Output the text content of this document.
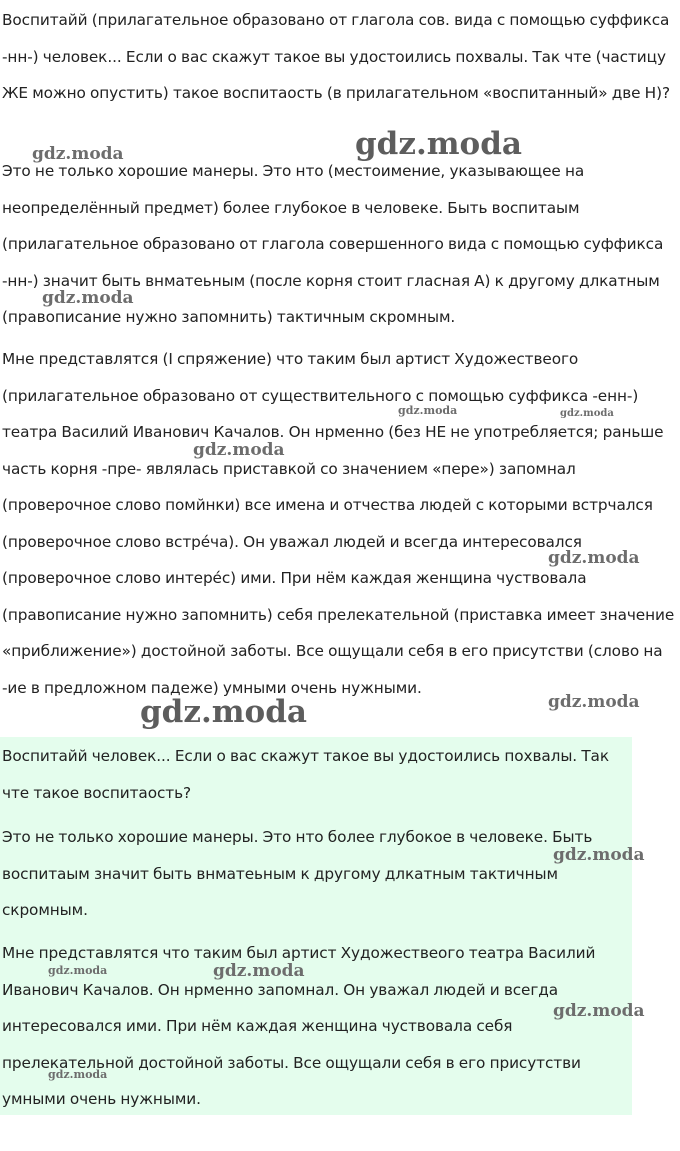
Воспитайй (прилагательное образовано от глагола сов. вида с помощью суффикса -нн-) человек... Если о вас скажут такое вы удостоились похвалы. Так чте (частицу ЖЕ можно опустить) такое воспитаость (в прилагательном «воспитанный» две Н)?

Это не только хорошие манеры. Это нто (местоимение, указывающее на неопределённый предмет) более глубокое в человеке. Быть воспитаым (прилагательное образовано от глагола совершенного вида с помощью суффикса -нн-) значит быть внматеьным (после корня стоит гласная А) к другому длкатным (правописание нужно запомнить) тактичным скромным.

Мне представлятся (I спряжение) что таким был артист Художествеого (прилагательное образовано от существительного с помощью суффикса -енн-) театра Василий Иванович Качалов. Он нрменно (без НЕ не употребляется; раньше часть корня -пре- являлась приставкой со значением «пере») запомнал (проверочное слово помйнки) все имена и отчества людей с которыми встрчался (проверочное слово встре́ча). Он уважал людей и всегда интересовался (проверочное слово интере́с) ими. При нём каждая женщина чуствовала (правописание нужно запомнить) себя прелекательной (приставка имеет значение «приближение») достойной заботы. Все ощущали себя в его присутстви (слово на -ие в предложном падеже) умными очень нужными.

Воспитайй человек... Если о вас скажут такое вы удостоились похвалы. Так чте такое воспитаость?

Это не только хорошие манеры. Это нто более глубокое в человеке. Быть воспитаым значит быть внматеьным к другому длкатным тактичным скромным.

Мне представлятся что таким был артист Художествеого театра Василий Иванович Качалов. Он нрменно запомнал. Он уважал людей и всегда интересовался ими. При нём каждая женщина чуствовала себя прелекательной достойной заботы. Все ощущали себя в его присутстви умными очень нужными.

gdz.moda
gdz.moda
gdz.moda
gdz.moda	gdz.moda
gdz.moda
gdz.moda
gdz.moda
gdz.moda
gdz.moda
gdz.moda	gdz.moda
gdz.moda
gdz.moda
